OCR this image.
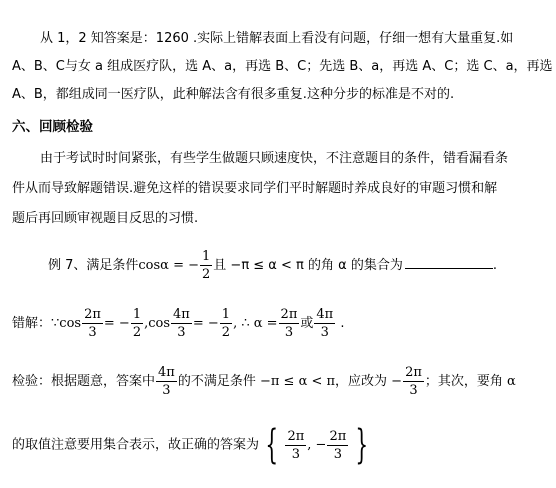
从 1，2 知答案是：1260 .实际上错解表面上看没有问题，仔细一想有大量重复.如
A、B、C与女 a 组成医疗队，选 A、a，再选 B、C；先选 B、a，再选 A、C；选 C、a，再选
A、B，都组成同一医疗队，此种解法含有很多重复.这种分步的标准是不对的.
六、回顾检验
由于考试时时间紧张，有些学生做题只顾速度快，不注意题目的条件，错看漏看条
件从而导致解题错误.避免这样的错误要求同学们平时解题时养成良好的审题习惯和解
题后再回顾审视题目反思的习惯.
例 7、满足条件cosα = − $\frac{1}{2}$ 且 −π ≤ α < π 的角 α 的集合为	.
错解：∵cos $\frac{2\pi}{3}$ = − $\frac{1}{2} ,\cos \frac{4\pi}{3}$ = − $\frac{1}{2}$ , ∴ $\alpha = \frac{2\pi}{3}$ 或 $\frac{4\pi}{3}$ .
检验：根据题意，答案中 $\frac{4\pi}{3}$ 的不满足条件 −π ≤ α < π，应改为 − $\frac{2\pi}{3}$ ；其次，要角 α
的取值注意要用集合表示，故正确的答案为 { $\frac{2\pi}{3}$ , − $\frac{2\pi}{3}$ }
